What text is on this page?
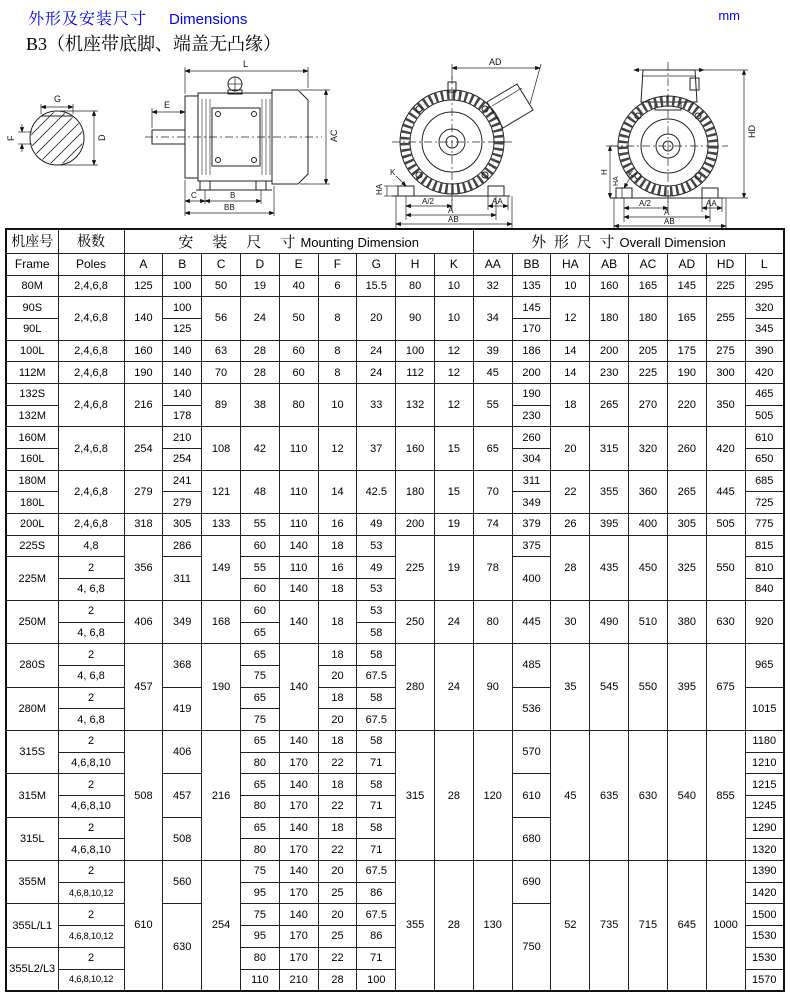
外形及安装尺寸 Dimensions	mm
B3（机座带底脚、端盖无凸缘）
G
F	D
L
E
AC
C	B
BB
AD
HA
K
A/2	AA
A
AB
HD
H
HA
K
A/2	AA
A
AB
机座号	极数	安　装　尺　寸 Mounting Dimension									外 形 尺 寸 Overall Dimension							
Frame	Poles	A	B	C	D	E	F	G	H	K	AA	BB	HA	AB	AC	AD	HD	L
80M	2,4,6,8	125	100	50	19	40	6	15.5	80	10	32	135	10	160	165	145	225	295
90S	2,4,6,8	140	100	56	24	50	8	20	90	10	34	145	12	180	180	165	255	320
90L			125									170						345
100L	2,4,6,8	160	140	63	28	60	8	24	100	12	39	186	14	200	205	175	275	390
112M	2,4,6,8	190	140	70	28	60	8	24	112	12	45	200	14	230	225	190	300	420
132S	2,4,6,8	216	140	89	38	80	10	33	132	12	55	190	18	265	270	220	350	465
132M			178									230						505
160M	2,4,6,8	254	210	108	42	110	12	37	160	15	65	260	20	315	320	260	420	610
160L			254									304						650
180M	2,4,6,8	279	241	121	48	110	14	42.5	180	15	70	311	22	355	360	265	445	685
180L			279									349						725
200L	2,4,6,8	318	305	133	55	110	16	49	200	19	74	379	26	395	400	305	505	775
225S	4,8	356	286	149	60	140	18	53	225	19	78	375	28	435	450	325	550	815
225M	2		311		55	110	16	49				400						810
	4, 6,8				60	140	18	53										840
250M	2	406	349	168	60	140	18	53	250	24	80	445	30	490	510	380	630	920
	4, 6,8				65			58										
280S	2	457	368	190	65	140	18	58	280	24	90	485	35	545	550	395	675	965
	4, 6,8				75		20	67.5										
280M	2		419		65		18	58				536						1015
	4, 6,8				75		20	67.5										
315S	2	508	406	216	65	140	18	58	315	28	120	570	45	635	630	540	855	1180
	4,6,8,10				80	170	22	71										1210
315M	2		457		65	140	18	58				610						1215
	4,6,8,10				80	170	22	71										1245
315L	2		508		65	140	18	58				680						1290
	4,6,8,10				80	170	22	71										1320
355M	2	610	560	254	75	140	20	67.5	355	28	130	690	52	735	715	645	1000	1390
	4,6,8,10,12				95	170	25	86										1420
355L/L1	2		630		75	140	20	67.5				750						1500
	4,6,8,10,12				95	170	25	86										1530
355L2/L3	2				80	170	22	71										1530
	4,6,8,10,12				110	210	28	100										1570
